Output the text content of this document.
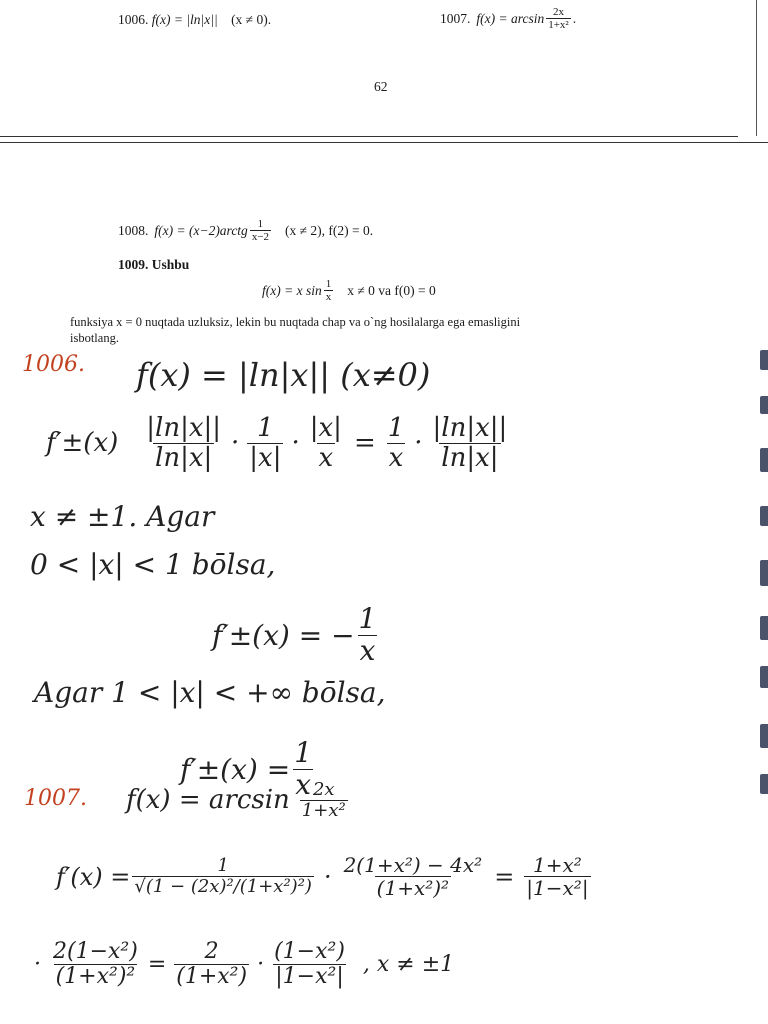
1006. f(x) = |ln|x|| (x ≠ 0).	1007. $f(x) = \arcsin \frac{2x}{\text{1+x²}}$ .
62
1008. f(x) = (x−2)arctg $\frac{1}{x-2} (x \ne 2)$, f(2) = 0.
1009. Ushbu
f(x) = x $\sin \frac{1}{x}$ x ≠ 0 va f(0) = 0
funksiya x = 0 nuqtada uzluksiz, lekin bu nuqtada chap va o`ng hosilalarga ega emasligini
isbotlang.
1006. f(x) = |ln|x|| (x≠0)
$f'\pm(x) \frac{|\ln|x||}{\ln|x|} \cdot \frac{1}{|x|} \cdot \frac{|x|}{x} = \frac{1}{x} \cdot \frac{|\ln|x||}{\ln|x|}$
x ≠ ±1. Agar
0 < |x| < 1 bōlsa,
f′±(x) = − $\frac{1}{x}$
Agar 1 < |x| < +∞ bōlsa,
$f'\pm(x) = \frac{1}{x}$
1007. $f(x) = \arcsin \frac{2x}{\text{1+x²}}$
$f'(x) = \frac{1}{\text{√(1 − (2x)²/(1+x²)²)}} \cdot \frac{\text{2(1+x²) − 4x²}}{\text{(1+x²)²}} = \frac{\text{1+x²}}{\text{|1−x²|}}$
· $\frac{\text{2(1−x²)}}{\text{(1+x²)²}} = \frac{2}{\text{(1+x²)}} \cdot \frac{\text{(1−x²)}}{\text{|1−x²|}}$ , x ≠ ±1
